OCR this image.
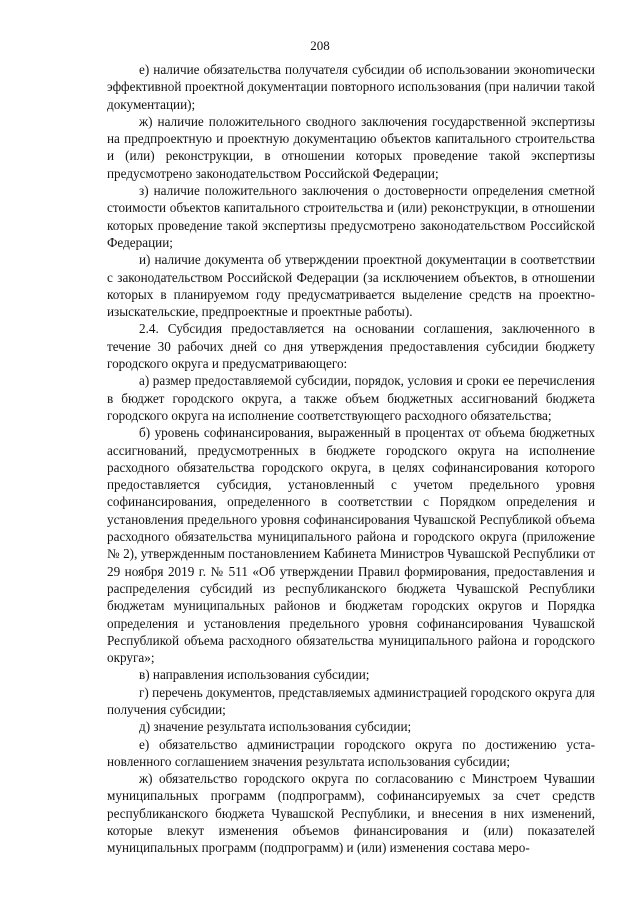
208

е) наличие обязательства получателя субсидии об использовании эконоmически эффективной проектной документации повторного использования (при наличии такой документации);

ж) наличие положительного сводного заключения государственной экспертизы на предпроектную и проектную документацию объектов капитального строительства и (или) реконструкции, в отношении которых проведение такой экспертизы предусмотрено законодательством Российской Федерации;

з) наличие положительного заключения о достоверности определения сметной стоимости объектов капитального строительства и (или) реконструкции, в отношении которых проведение такой экспертизы предусмотрено законодательством Российской Федерации;

и) наличие документа об утверждении проектной документации в соответствии с законодательством Российской Федерации (за исключением объектов, в отношении которых в планируемом году предусматривается выделение средств на проектно-изыскательские, предпроектные и проектные работы).

2.4. Субсидия предоставляется на основании соглашения, заключенного в течение 30 рабочих дней со дня утверждения предоставления субсидии бюджету городского округа и предусматривающего:

а) размер предоставляемой субсидии, порядок, условия и сроки ее перечисления в бюджет городского округа, а также объем бюджетных ассигнований бюджета городского округа на исполнение соответствующего расходного обязательства;

б) уровень софинансирования, выраженный в процентах от объема бюджетных ассигнований, предусмотренных в бюджете городского округа на исполнение расходного обязательства городского округа, в целях софинансирования которого предоставляется субсидия, установленный с учетом предельного уровня софинансирования, определенного в соответствии с Порядком определения и установления предельного уровня софинансирования Чувашской Республикой объема расходного обязательства муниципального района и городского округа (приложение № 2), утвержденным постановлением Кабинета Министров Чувашской Республики от 29 ноября 2019 г. № 511 «Об утверждении Правил формирования, предоставления и распределения субсидий из республиканского бюджета Чувашской Республики бюджетам муниципальных районов и бюджетам городских округов и Порядка определения и установления предельного уровня софинансирования Чувашской Республикой объема расходного обязательства муниципального района и городского округа»;

в) направления использования субсидии;

г) перечень документов, представляемых администрацией городского округа для получения субсидии;

д) значение результата использования субсидии;

е) обязательство администрации городского округа по достижению установленного соглашением значения результата использования субсидии;

ж) обязательство городского округа по согласованию с Минстроем Чувашии муниципальных программ (подпрограмм), софинансируемых за счет средств республиканского бюджета Чувашской Республики, и внесения в них изменений, которые влекут изменения объемов финансирования и (или) показателей муниципальных программ (подпрограмм) и (или) изменения состава меро-
